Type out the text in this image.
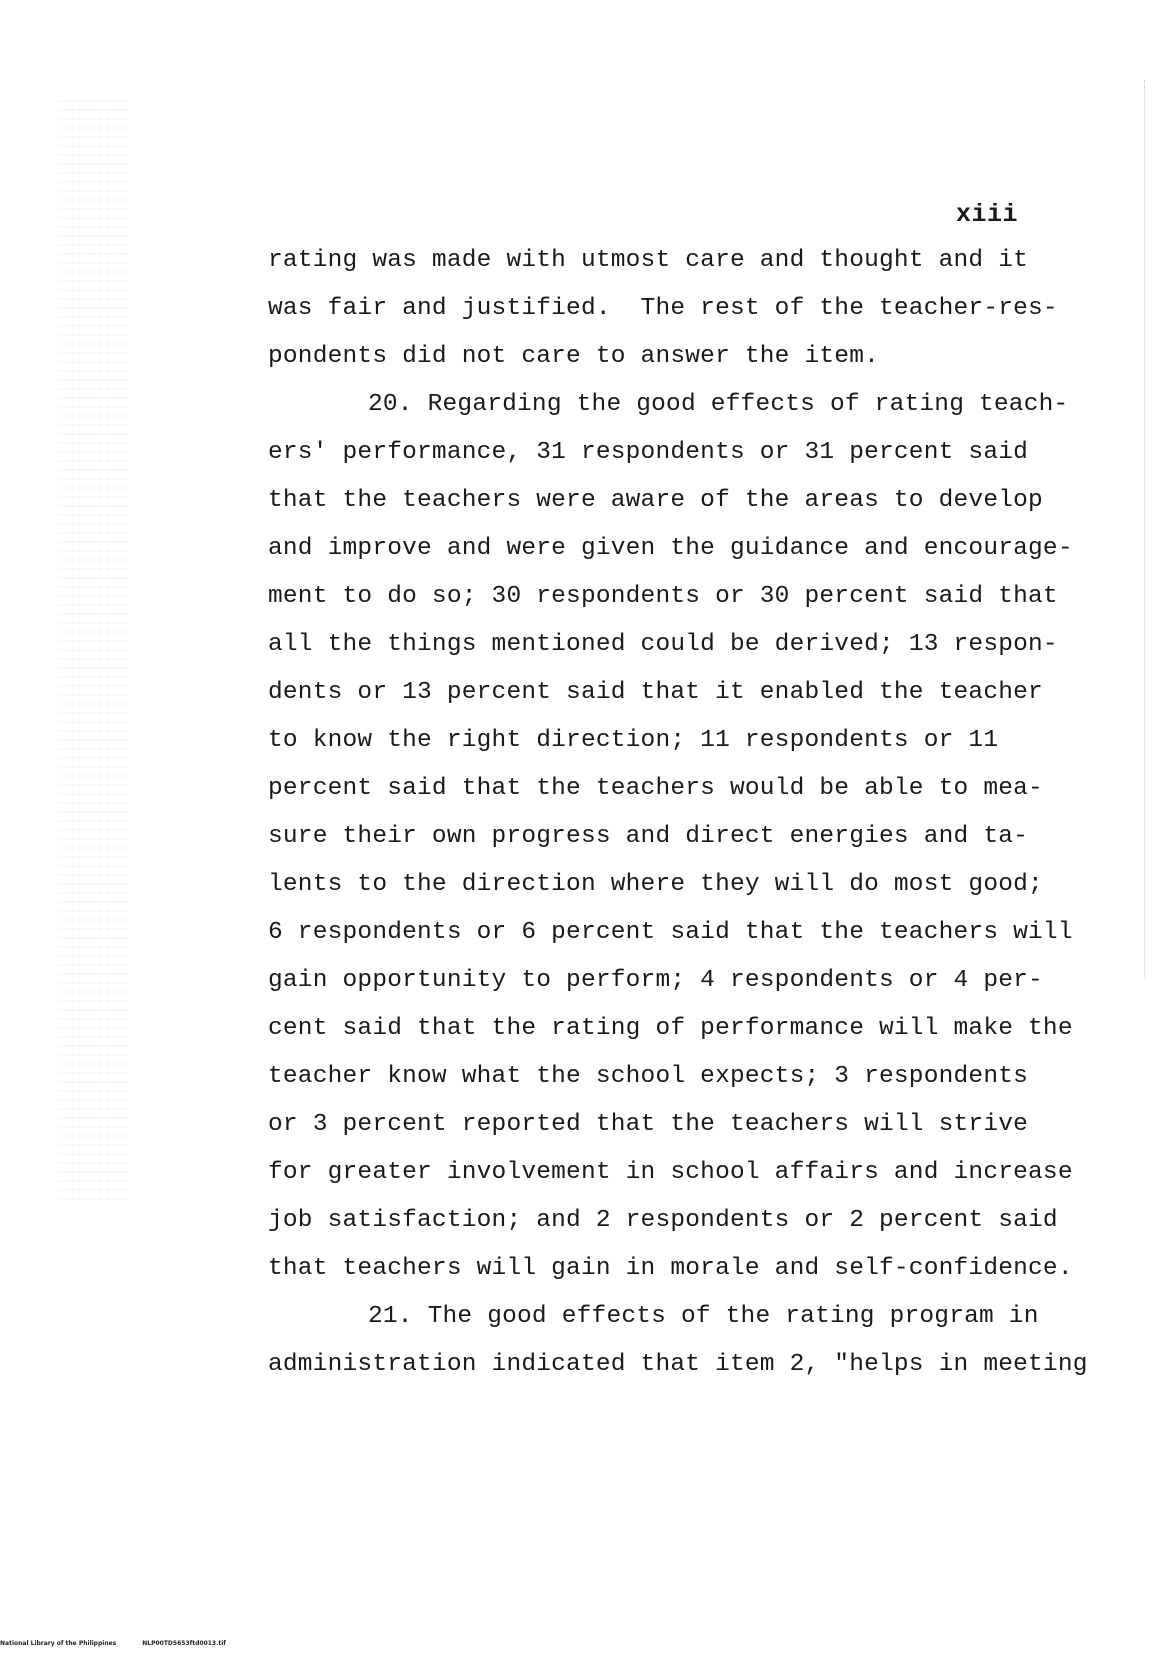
xiii
rating was made with utmost care and thought and it
was fair and justified.  The rest of the teacher-res-
pondents did not care to answer the item.
20. Regarding the good effects of rating teach-
ers' performance, 31 respondents or 31 percent said
that the teachers were aware of the areas to develop
and improve and were given the guidance and encourage-
ment to do so; 30 respondents or 30 percent said that
all the things mentioned could be derived; 13 respon-
dents or 13 percent said that it enabled the teacher
to know the right direction; 11 respondents or 11
percent said that the teachers would be able to mea-
sure their own progress and direct energies and ta-
lents to the direction where they will do most good;
6 respondents or 6 percent said that the teachers will
gain opportunity to perform; 4 respondents or 4 per-
cent said that the rating of performance will make the
teacher know what the school expects; 3 respondents
or 3 percent reported that the teachers will strive
for greater involvement in school affairs and increase
job satisfaction; and 2 respondents or 2 percent said
that teachers will gain in morale and self-confidence.
21. The good effects of the rating program in
administration indicated that item 2, "helps in meeting
National Library of the Philippines	NLP00TD5653ftd0013.tif
